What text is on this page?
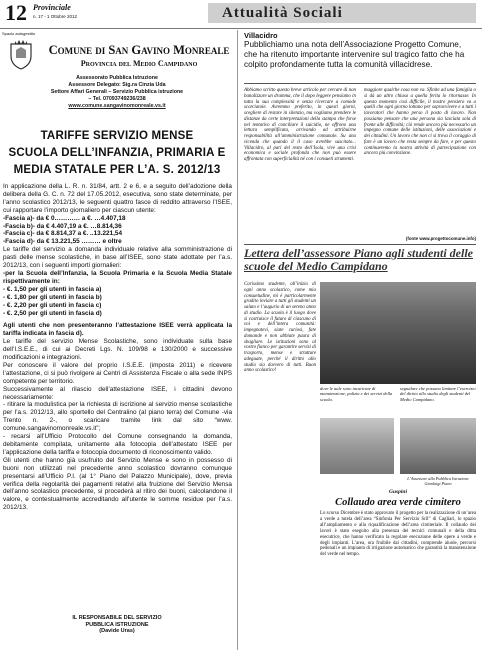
12 Provinciale
n. 17 - 1 Ottobre 2012	Attualità Sociali
Spazio autogestito
Comune di San Gavino Monreale
Provincia del Medio Campidano
Assessorato Pubblica Istruzione
Assessore Delegato: Sig.ra Cinzia Uda
Settore Affari Generali – Servizio Pubblica istruzione
– Tel. 07093749236/238
www.comune.sangavinomonreale.vs.it
TARIFFE SERVIZIO MENSE
SCUOLA DELL’INFANZIA, PRIMARIA E
MEDIA STATALE PER L’A. S. 2012/13

In applicazione della L. R. n. 31/84, artt. 2 e 6, e a seguito dell’adozione della delibera della G. C. n. 72 del 17.05.2012, esecutiva, sono state determinate, per l’anno scolastico 2012/13, le seguenti quattro fasce di reddito attraverso l’ISEE, cui rapportare l’importo giornaliero per ciascun utente:

-Fascia a)- da € 0………… a €. …4.407,18

-Fascia b)- da € 4.407,19 a €. …8.814,36

-Fascia c)- da € 8.814,37 a €. ..13.221,54

-Fascia d)- da € 13.221,55 ……… e oltre

Le tariffe del servizio a domanda individuale relative alla somministrazione di pasti delle mense scolastiche, in base all’ISEE, sono state adottate per l’a.s. 2012/13, con i seguenti importi giornalieri:

-per la Scuola dell’Infanzia, la Scuola Primaria e la Scuola Media Statale rispettivamente in:

- €. 1,50 per gli utenti in fascia a)

- €. 1,80 per gli utenti in fascia b)

- €. 2,20 per gli utenti in fascia c)

- €. 2,50 per gli utenti in fascia d)

Agli utenti che non presenteranno l’attestazione ISEE verrà applicata la tariffa indicata in fascia d).

Le tariffe del servizio Mense Scolastiche, sono individuate sulla base dell’I.S.E.E., di cui ai Decreti Lgs. N. 109/98 e 130/2000 e successive modificazioni e integrazioni.

Per conoscere il valore del proprio I.S.E.E. (imposta 2011) e ricevere l’attestazione, ci si può rivolgere ai Centri di Assistenza Fiscale o alla sede INPS competente per territorio.

Successivamente al rilascio dell’attestazione ISEE, i cittadini devono necessariamente:

- ritirare la modulistica per la richiesta di iscrizione al servizio mense scolastiche per l’a.s. 2012/13, allo sportello del Centralino (al piano terra) del Comune -via Trento n. 2-, o scaricare tramite link dal sito “www. comune.sangavinomonreale.vs.it”;

- recarsi all’Ufficio Protocollo del Comune consegnando la domanda, debitamente compilata, unitamente alla fotocopia dell’attestato ISEE per l’applicazione della tariffa e fotocopia documento di riconoscimento valido.

Gli utenti che hanno già usufruito del Servizio Mense e sono in possesso di buoni non utilizzati nel precedente anno scolastico dovranno comunque presentarsi all’Ufficio P.I. (al 1° Piano del Palazzo Municipale), dove, previa verifica della regolarità dei pagamenti relativi alla fruizione del Servizio Mensa dell’anno scolastico precedente, si procederà al ritiro dei buoni, calcolandone il valore, e contestualmente accreditando all’utente le somme residue per l’a.s. 2012/13.

IL RESPONSABILE DEL SERVIZIO
PUBBLICA ISTRUZIONE
(Davide Uras)
Villacidro
Pubblichiamo una nota dell’Associazione Progetto Comune, che ha ritenuto importante intervenire sul tragico fatto che ha colpito profondamente tutta la comunità villacidrese.
Abbiamo scritto questo breve articolo per cercare di non banalizzare un dramma, che il dopo leggere pensiamo in tutta la sua complessità e senza ricercare a comode scorciatoie. Avremmo preferito, in questi giorni, scegliere di restare in silenzio, ma vogliamo prendere le distanze da certe interpretazioni della stampa che forse nel tentativo di conciliare il suicidio, ne offrono una lettura semplificata, arrivando ad attribuirne responsabilità all’amministrazione comunale. Su una vicenda che quando il il caso avrebbe suscitato... Villacidro, al pari del resto dell’Isola, vive una crisi economica e sociale profonda che non può essere affrontata con superficialità né con i consueti strumenti.
maggiore qualche cosa non va. Sfinite ad una famiglia o si dà un altro chiuso a quella ferita lo ritornasse. In questo momento così difficile, il nostro pensiero va a quelli che ogni giorno lottano per sopravvivere e a tutti i lavoratori che hanno perso il posto di lavoro. Non possiamo pensare che una persona sia lasciata sola di fronte alle difficoltà; ciò rende ancora più necessario un impegno comune delle istituzioni, delle associazioni e dei cittadini. Un lavoro che non ci si trova il coraggio di fare è un lavoro che resta sempre da fare, e per questo continueremo la nostra attività di partecipazione con ancora più convinzione.
(fonte www.progettocomune.info)
Lettera dell’assessore Piano agli studenti delle scuole del Medio Campidano
Carissimo studente, all’inizio di ogni anno scolastico, come mia consuetudine, mi è particolarmente gradito inviare a tutti gli studenti un saluto e l’augurio di un sereno anno di studio. La scuola è il luogo dove si costruisce il futuro di ciascuno di voi e dell’intera comunità: impegnatevi, siate curiosi, fate domande e non abbiate paura di sbagliare. Le istituzioni sono al vostro fianco per garantire servizi di trasporto, mense e strutture adeguate, perché il diritto allo studio sia davvero di tutti. Buon anno scolastico!
dove le aule sono incaricate di manutenzione, pulizia e dei servizi della scuola.
segnalare che possano limitare l’esercizio del diritto allo studio degli studenti del Medio Campidano.
L’Assessore alla Pubblica Istruzione Gianluigi Piano
Guspini
Collaudo area verde cimitero
Lo scorso Dicembre è stato approvato il progetto per la realizzazione di un’area a verde a tutela dell’area “Sinfonia Per Servizio Sril” di Cagliari, lo spazio all’ampliamento e alla riqualificazione dell’area cimiteriale. Il collaudo dei lavori è stato eseguito alla presenza dei tecnici comunali e della ditta esecutrice, che hanno verificato la regolare esecuzione delle opere a verde e degli impianti. L’area, ora fruibile dai cittadini, comprende aiuole, percorsi pedonali e un impianto di irrigazione automatico che garantirà la manutenzione del verde nel tempo.
